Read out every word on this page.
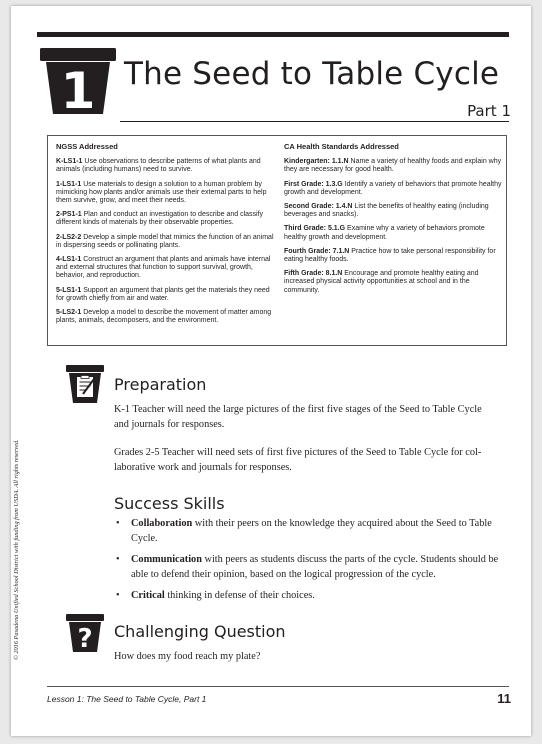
1 The Seed to Table Cycle
Part 1
NGSS Addressed

K-LS1-1 Use observations to describe patterns of what plants and animals (including humans) need to survive.

1-LS1-1 Use materials to design a solution to a human problem by mimicking how plants and/or animals use their external parts to help them survive, grow, and meet their needs.

2-PS1-1 Plan and conduct an investigation to describe and classify different kinds of materials by their observable properties.

2-LS2-2 Develop a simple model that mimics the function of an animal in dispersing seeds or pollinating plants.

4-LS1-1 Construct an argument that plants and animals have internal and external structures that function to support survival, growth, behavior, and reproduction.

5-LS1-1 Support an argument that plants get the materials they need for growth chiefly from air and water.

5-LS2-1 Develop a model to describe the movement of matter among plants, animals, decomposers, and the environment.

CA Health Standards Addressed

Kindergarten: 1.1.N Name a variety of healthy foods and explain why they are necessary for good health.

First Grade: 1.3.G Identify a variety of behaviors that promote healthy growth and development.

Second Grade: 1.4.N List the benefits of healthy eating (including beverages and snacks).

Third Grade: 5.1.G Examine why a variety of behaviors promote healthy growth and development.

Fourth Grade: 7.1.N Practice how to take personal responsibility for eating healthy foods.

Fifth Grade: 8.1.N Encourage and promote healthy eating and increased physical activity opportunities at school and in the community.

Preparation

K-1 Teacher will need the large pictures of the first five stages of the Seed to Table Cycle and journals for responses.

Grades 2-5 Teacher will need sets of first five pictures of the Seed to Table Cycle for col-laborative work and journals for responses.

Success Skills
• Collaboration with their peers on the knowledge they acquired about the Seed to Table Cycle.
• Communication with peers as students discuss the parts of the cycle. Students should be able to defend their opinion, based on the logical progression of the cycle.
• Critical thinking in defense of their choices.
? Challenging Question
How does my food reach my plate?
© 2016 Pasadena Unified School District with funding from USDA. All rights reserved.
Lesson 1: The Seed to Table Cycle, Part 1	11
